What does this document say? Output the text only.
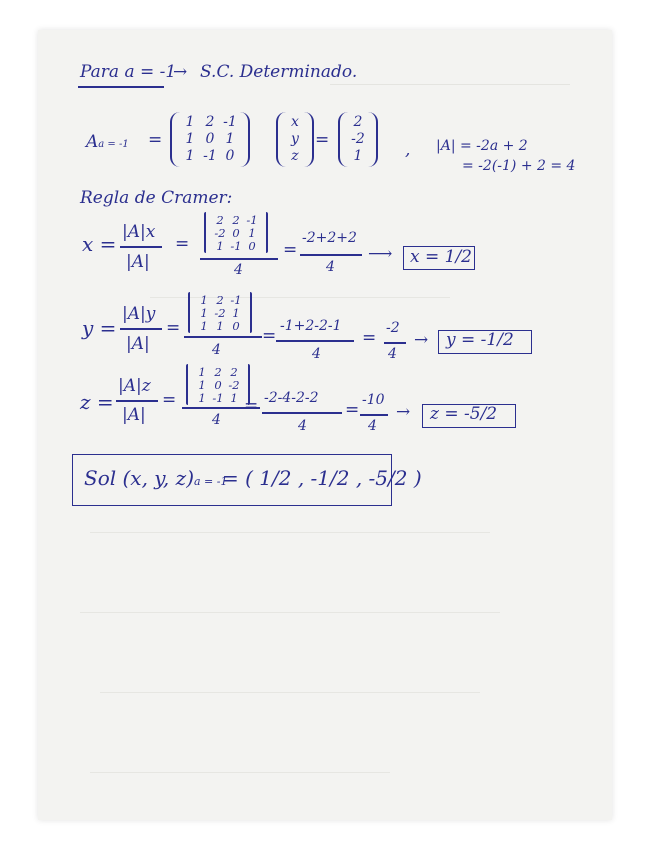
Para a = -1
→ S.C. Determinado.
Aa = -1 =
1 2 -1
1 0 1
1 -1 0
x
y
z
=
2
-2
1	, |A| = -2a + 2
= -2(-1) + 2 = 4
Regla de Cramer:
x = |A|x
|A|
=
2 2 -1
-2 0 1
1 -1 0
4
=
-2+2+2
4
⟶ x = 1/2
y =
|A|y
|A|
=
1 2 -1
1 -2 1
1 1 0
4
= -1+2-2-1
4
= -2
4
→ y = -1/2
z =
|A|z
|A|
=
1 2 2
1 0 -2
1 -1 1
4
= -2-4-2-2
4
= -10
4
→ z = -5/2
Sol (x, y, z)a = -1
= ( 1/2 , -1/2 , -5/2 )
